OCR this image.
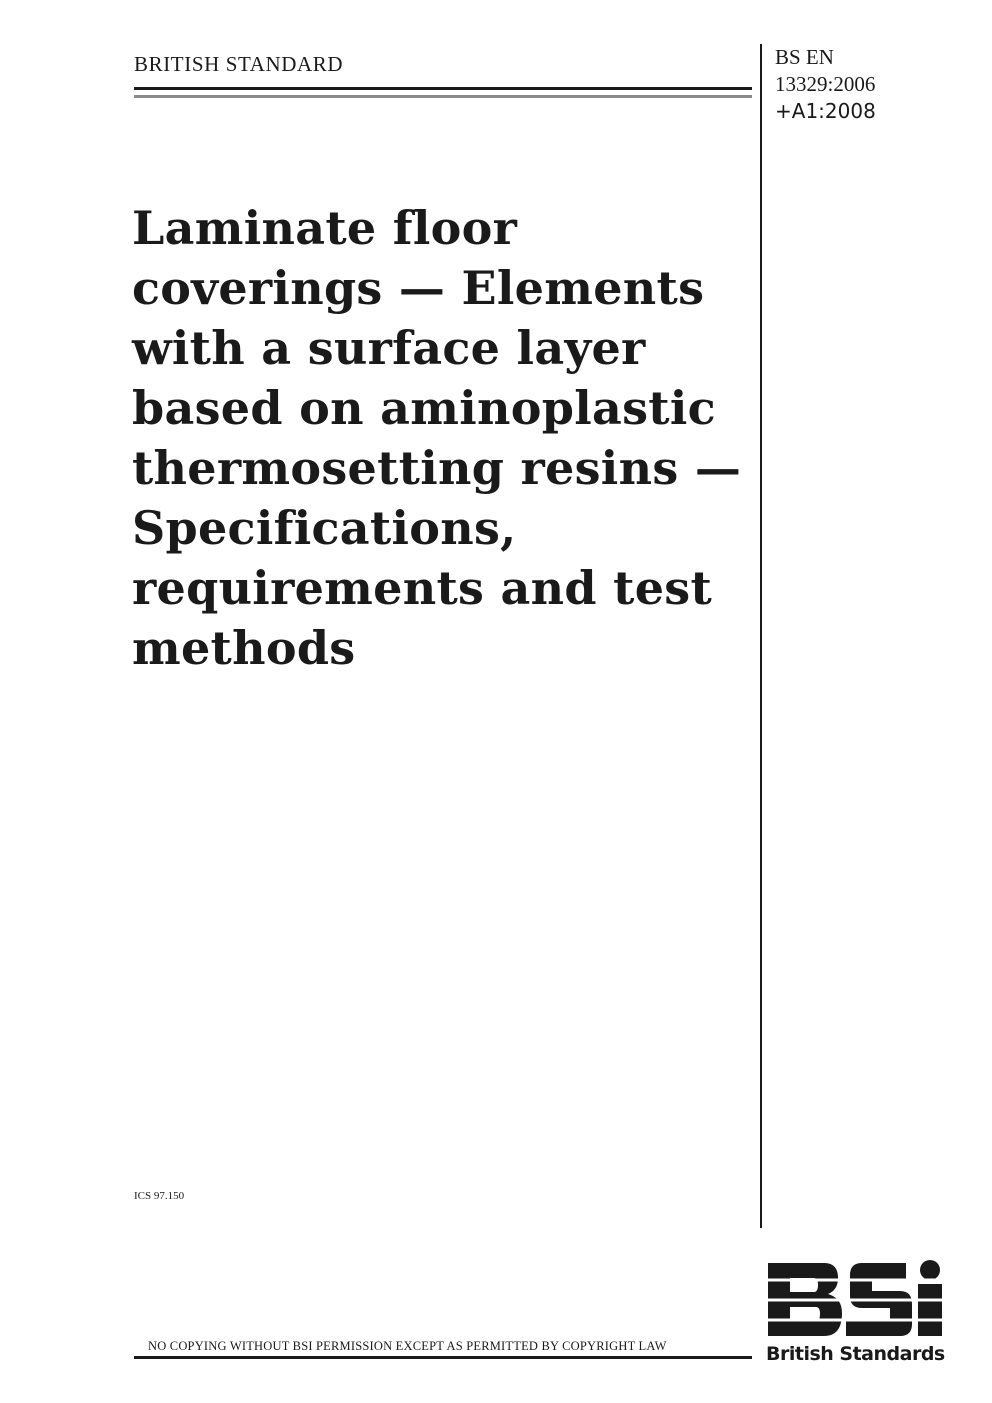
BRITISH STANDARD	BS EN
13329:2006
+A1:2008
Laminate floor
coverings — Elements
with a surface layer
based on aminoplastic
thermosetting resins —
Specifications,
requirements and test
methods
ICS 97.150
NO COPYING WITHOUT BSI PERMISSION EXCEPT AS PERMITTED BY COPYRIGHT LAW	British Standards
